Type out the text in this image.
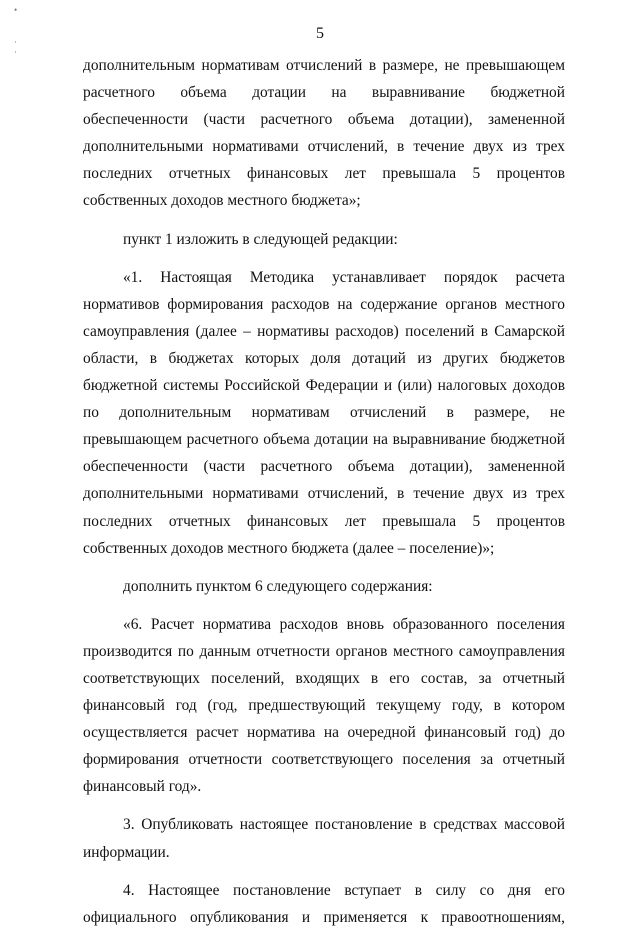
•
·
·
5

дополнительным нормативам отчислений в размере, не превышающем расчетного объема дотации на выравнивание бюджетной обеспеченности (части расчетного объема дотации), замененной дополнительными нормативами отчислений, в течение двух из трех последних отчетных финансовых лет превышала 5 процентов собственных доходов местного бюджета»;

пункт 1 изложить в следующей редакции:

«1. Настоящая Методика устанавливает порядок расчета нормативов формирования расходов на содержание органов местного самоуправления (далее – нормативы расходов) поселений в Самарской области, в бюджетах которых доля дотаций из других бюджетов бюджетной системы Российской Федерации и (или) налоговых доходов по дополнительным нормативам отчислений в размере, не превышающем расчетного объема дотации на выравнивание бюджетной обеспеченности (части расчетного объема дотации), замененной дополнительными нормативами отчислений, в течение двух из трех последних отчетных финансовых лет превышала 5 процентов собственных доходов местного бюджета (далее – поселение)»;

дополнить пунктом 6 следующего содержания:

«6. Расчет норматива расходов вновь образованного поселения производится по данным отчетности органов местного самоуправления соответствующих поселений, входящих в его состав, за отчетный финансовый год (год, предшествующий текущему году, в котором осуществляется расчет норматива на очередной финансовый год) до формирования отчетности соответствующего поселения за отчетный финансовый год».

3. Опубликовать настоящее постановление в средствах массовой информации.

4. Настоящее постановление вступает в силу со дня его официального опубликования и применяется к правоотношениям,
